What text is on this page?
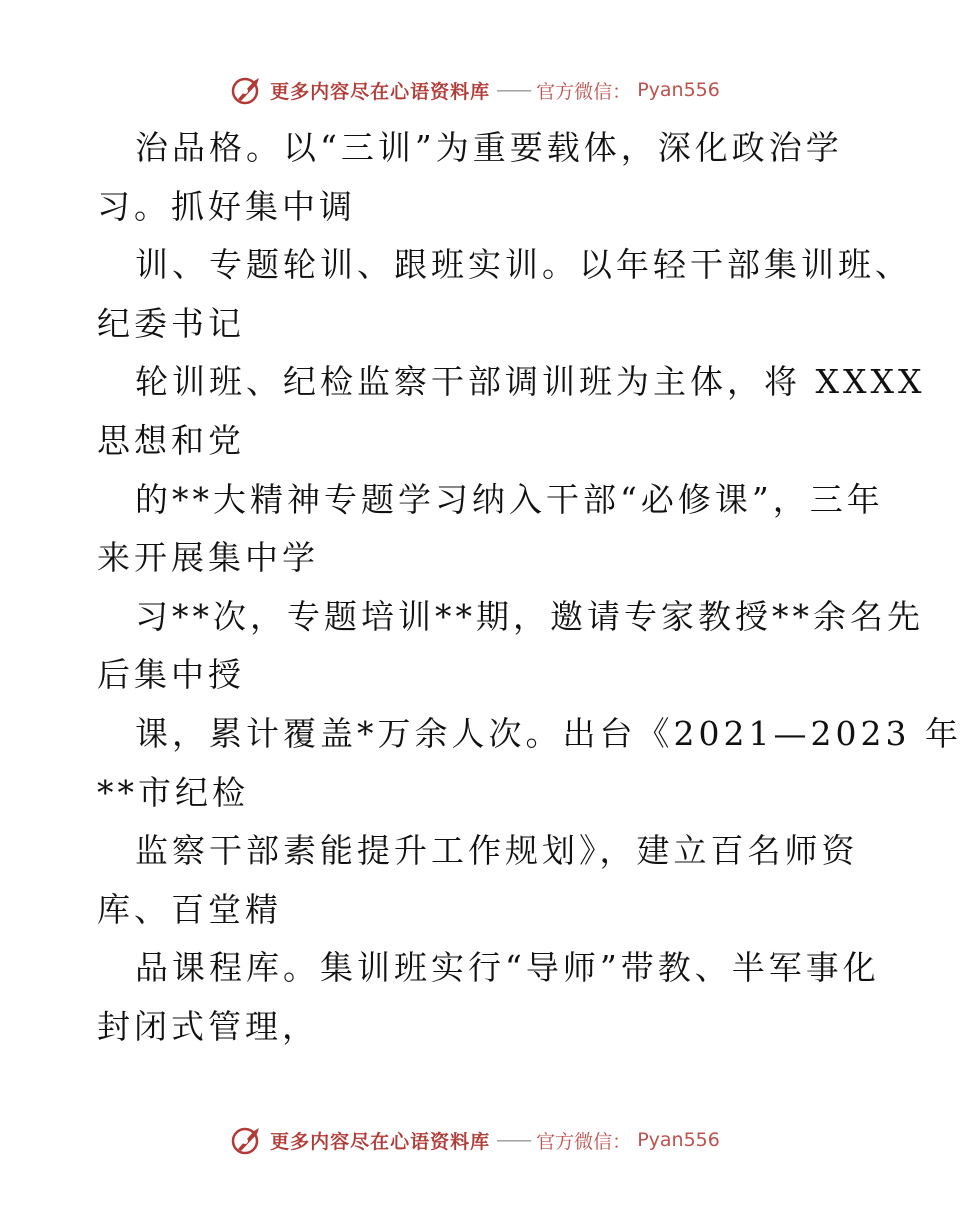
更多内容尽在心语资料库 —— 官方微信： Pyan556
治品格。以“三训”为重要载体，深化政治学
习。抓好集中调
训、专题轮训、跟班实训。以年轻干部集训班、
纪委书记
轮训班、纪检监察干部调训班为主体，将 XXXX
思想和党
的**大精神专题学习纳入干部“必修课”，三年
来开展集中学
习**次，专题培训**期，邀请专家教授**余名先
后集中授
课，累计覆盖*万余人次。出台《2021—2023 年
**市纪检
监察干部素能提升工作规划》，建立百名师资
库、百堂精
品课程库。集训班实行“导师”带教、半军事化
封闭式管理，
更多内容尽在心语资料库 —— 官方微信： Pyan556
